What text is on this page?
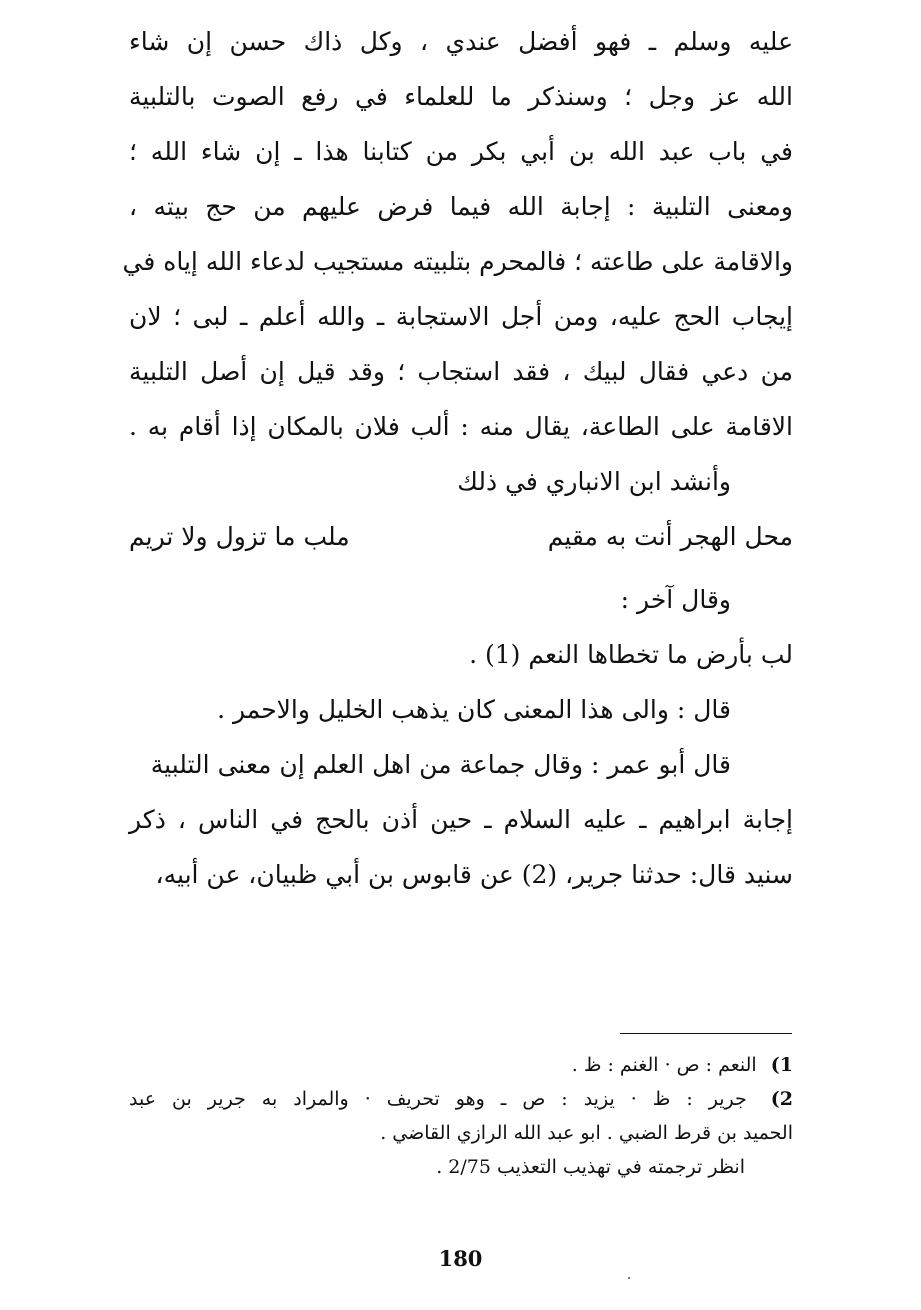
عليه وسلم ـ فهو أفضل عندي ، وكل ذاك حسن إن شاء
الله عز وجل ؛ وسنذكر ما للعلماء في رفع الصوت بالتلبية
في باب عبد الله بن أبي بكر من كتابنا هذا ـ إن شاء الله ؛
ومعنى التلبية : إجابة الله فيما فرض عليهم من حج بيته ،
والاقامة على طاعته ؛ فالمحرم بتلبيته مستجيب لدعاء الله إياه في
إيجاب الحج عليه، ومن أجل الاستجابة ـ والله أعلم ـ لبى ؛ لان
من دعي فقال لبيك ، فقد استجاب ؛ وقد قيل إن أصل التلبية
الاقامة على الطاعة، يقال منه : ألب فلان بالمكان إذا أقام به .
وأنشد ابن الانباري في ذلك
محل الهجر أنت به مقيم
ملب ما تزول ولا تريم
وقال آخر :
لب بأرض ما تخطاها النعم (1) .
قال : والى هذا المعنى كان يذهب الخليل والاحمر .
قال أبو عمر : وقال جماعة من اهل العلم إن معنى التلبية
إجابة ابراهيم ـ عليه السلام ـ حين أذن بالحج في الناس ، ذكر
سنيد قال: حدثنا جرير، (2) عن قابوس بن أبي ظبيان، عن أبيه،
1) النعم : ص · الغنم : ظ .
2) جرير : ظ · يزيد : ص ـ وهو تحريف · والمراد به جرير بن عبد
الحميد بن قرط الضبي . ابو عبد الله الرازي القاضي .
انظر ترجمته في تهذيب التعذيب 2/75 .
180
